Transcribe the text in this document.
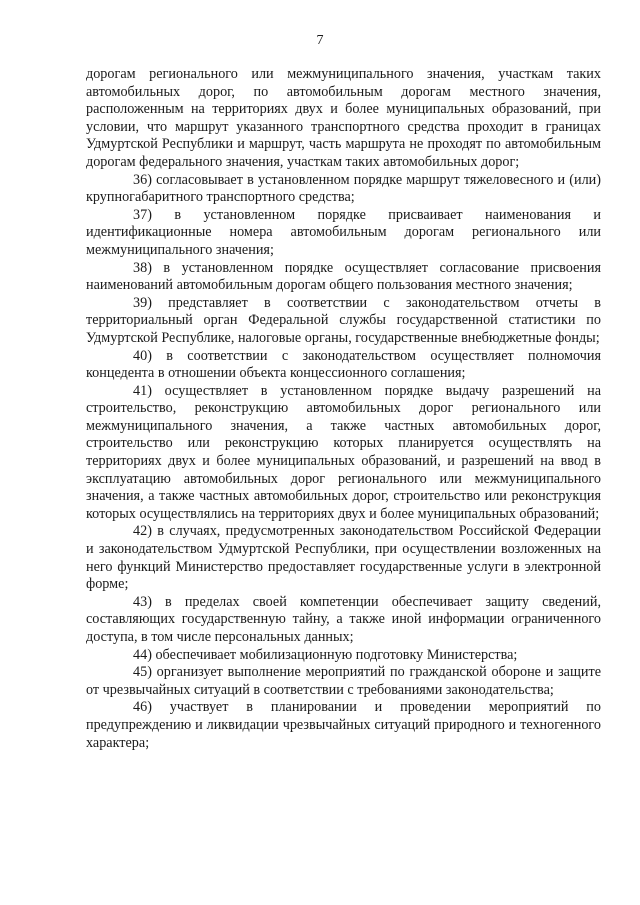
7

дорогам регионального или межмуниципального значения, участкам таких автомобильных дорог, по автомобильным дорогам местного значения, расположенным на территориях двух и более муниципальных образований, при условии, что маршрут указанного транспортного средства проходит в границах Удмуртской Республики и маршрут, часть маршрута не проходят по автомобильным дорогам федерального значения, участкам таких автомобильных дорог;

36) согласовывает в установленном порядке маршрут тяжеловесного и (или) крупногабаритного транспортного средства;

37) в установленном порядке присваивает наименования и идентификационные номера автомобильным дорогам регионального или межмуниципального значения;

38) в установленном порядке осуществляет согласование присвоения наименований автомобильным дорогам общего пользования местного значения;

39) представляет в соответствии с законодательством отчеты в территориальный орган Федеральной службы государственной статистики по Удмуртской Республике, налоговые органы, государственные внебюджетные фонды;

40) в соответствии с законодательством осуществляет полномочия концедента в отношении объекта концессионного соглашения;

41) осуществляет в установленном порядке выдачу разрешений на строительство, реконструкцию автомобильных дорог регионального или межмуниципального значения, а также частных автомобильных дорог, строительство или реконструкцию которых планируется осуществлять на территориях двух и более муниципальных образований, и разрешений на ввод в эксплуатацию автомобильных дорог регионального или межмуниципального значения, а также частных автомобильных дорог, строительство или реконструкция которых осуществлялись на территориях двух и более муниципальных образований;

42) в случаях, предусмотренных законодательством Российской Федерации и законодательством Удмуртской Республики, при осуществлении возложенных на него функций Министерство предоставляет государственные услуги в электронной форме;

43) в пределах своей компетенции обеспечивает защиту сведений, составляющих государственную тайну, а также иной информации ограниченного доступа, в том числе персональных данных;

44) обеспечивает мобилизационную подготовку Министерства;

45) организует выполнение мероприятий по гражданской обороне и защите от чрезвычайных ситуаций в соответствии с требованиями законодательства;

46) участвует в планировании и проведении мероприятий по предупреждению и ликвидации чрезвычайных ситуаций природного и техногенного характера;
